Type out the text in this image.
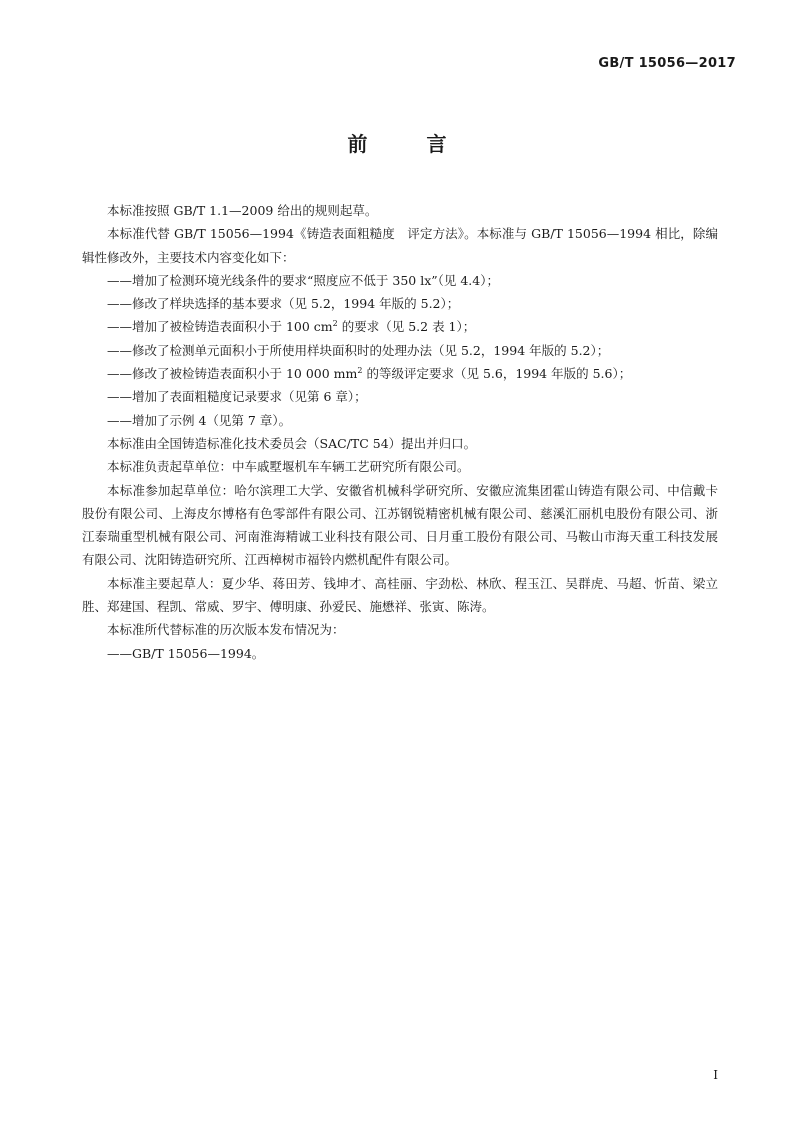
GB/T 15056—2017
前 言

本标准按照 GB/T 1.1—2009 给出的规则起草。

本标准代替 GB/T 15056—1994《铸造表面粗糙度　评定方法》。本标准与 GB/T 15056—1994 相比，除编辑性修改外，主要技术内容变化如下：

——增加了检测环境光线条件的要求“照度应不低于 350 lx”（见 4.4）；

——修改了样块选择的基本要求（见 5.2，1994 年版的 5.2）；

——增加了被检铸造表面积小于 100 $cm^2$ 的要求（见 5.2 表 1）；

——修改了检测单元面积小于所使用样块面积时的处理办法（见 5.2，1994 年版的 5.2）；

——修改了被检铸造表面积小于 10 000 $mm^2$ 的等级评定要求（见 5.6，1994 年版的 5.6）；

——增加了表面粗糙度记录要求（见第 6 章）；

——增加了示例 4（见第 7 章）。

本标准由全国铸造标准化技术委员会（SAC/TC 54）提出并归口。

本标准负责起草单位：中车戚墅堰机车车辆工艺研究所有限公司。

本标准参加起草单位：哈尔滨理工大学、安徽省机械科学研究所、安徽应流集团霍山铸造有限公司、中信戴卡股份有限公司、上海皮尔博格有色零部件有限公司、江苏钢锐精密机械有限公司、慈溪汇丽机电股份有限公司、浙江泰瑞重型机械有限公司、河南淮海精诚工业科技有限公司、日月重工股份有限公司、马鞍山市海天重工科技发展有限公司、沈阳铸造研究所、江西樟树市福铃内燃机配件有限公司。

本标准主要起草人：夏少华、蒋田芳、钱坤才、高桂丽、宇劲松、林欣、程玉江、吴群虎、马超、忻苗、梁立胜、郑建国、程凯、常威、罗宇、傅明康、孙爱民、施懋祥、张寅、陈涛。

本标准所代替标准的历次版本发布情况为：

——GB/T 15056—1994。

I
